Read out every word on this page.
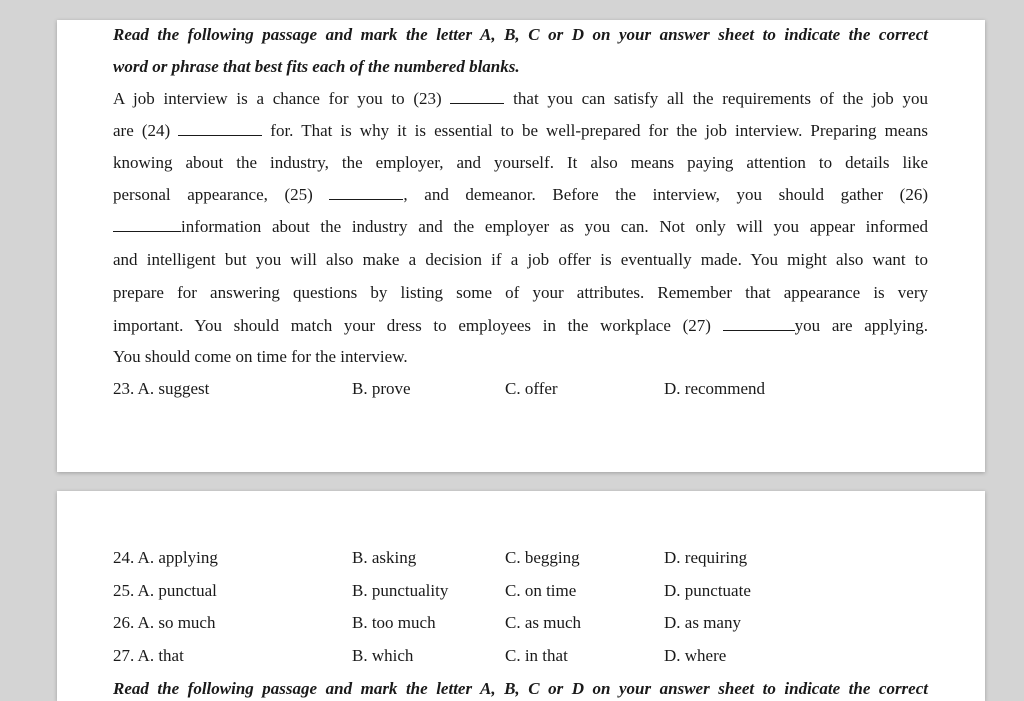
Read the following passage and mark the letter A, B, C or D on your answer sheet to indicate the correct
word or phrase that best fits each of the numbered blanks.
A job interview is a chance for you to (23)	that you can satisfy all the requirements of the job you
are (24)	for. That is why it is essential to be well-prepared for the job interview. Preparing means
knowing about the industry, the employer, and yourself. It also means paying attention to details like
personal appearance, (25)	, and demeanor. Before the interview, you should gather (26)
information about the industry and the employer as you can. Not only will you appear informed
and intelligent but you will also make a decision if a job offer is eventually made. You might also want to
prepare for answering questions by listing some of your attributes. Remember that appearance is very
important. You should match your dress to employees in the workplace (27)	you are applying.
You should come on time for the interview.
23. A. suggest	B. prove	C. offer	D. recommend
24. A. applying	B. asking	C. begging	D. requiring
25. A. punctual	B. punctuality	C. on time	D. punctuate
26. A. so much	B. too much	C. as much	D. as many
27. A. that	B. which	C. in that	D. where
Read the following passage and mark the letter A, B, C or D on your answer sheet to indicate the correct
